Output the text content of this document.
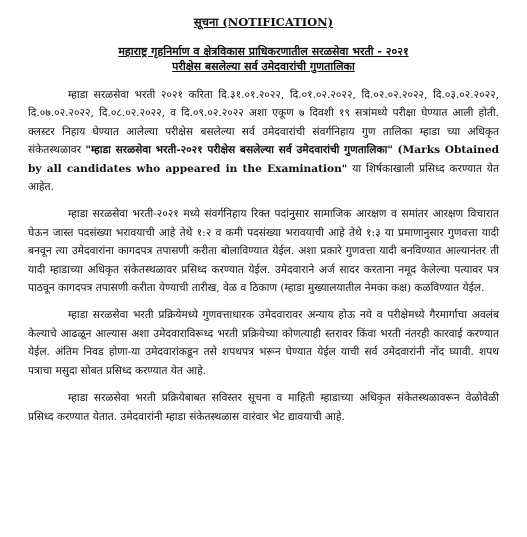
सूचना (NOTIFICATION)

महाराष्ट्र गृहनिर्माण व क्षेत्रविकास प्राधिकरणातील सरळसेवा भरती - २०२१

परीक्षेस बसलेल्या सर्व उमेदवारांची गुणतालिका

म्हाडा सरळसेवा भरती २०२१ करिता दि.३१.०१.२०२२, दि.०१.०२.२०२२, दि.०२.०२.२०२२, दि.०३.०२.२०२२, दि.०७.०२.२०२२, दि.०८.०२.२०२२, व दि.०९.०२.२०२२ अशा एकूण ७ दिवशी १९ सत्रांमध्ये परीक्षा घेण्यात आली होती. क्लस्टर निहाय घेण्यात आलेल्या परीक्षेस बसलेल्या सर्व उमेदवारांची संवर्गनिहाय गुण तालिका म्हाडा च्या अधिकृत संकेतस्थळावर "म्हाडा सरळसेवा भरती-२०२१ परीक्षेस बसलेल्या सर्व उमेदवारांची गुणतालिका" (Marks Obtained by all candidates who appeared in the Examination" या शिर्षकाखाली प्रसिध्द करण्यात येत आहेत.

म्हाडा सरळसेवा भरती-२०२१ मध्ये संवर्गनिहाय रिक्त पदांनुसार सामाजिक आरक्षण व समांतर आरक्षण विचारात घेऊन जास्त पदसंख्या भरावयाची आहे तेथे १:२ व कमी पदसंख्या भरावयाची आहे तेथे १:३ या प्रमाणानुसार गुणवत्ता यादी बनवून त्या उमेदवारांना कागदपत्र तपासणी करीता बोलाविण्यात येईल. अशा प्रकारे गुणवत्ता यादी बनविण्यात आल्यानंतर ती यादी म्हाडाच्या अधिकृत संकेतस्थळावर प्रसिध्द करण्यात येईल. उमेदवाराने अर्ज सादर करताना नमूद केलेल्या पत्यावर पत्र पाठवून कागदपत्र तपासणी करीता येण्याची तारीख, वेळ व ठिकाण (म्हाडा मुख्यालयातील नेमका कक्ष) कळविण्यात येईल.

म्हाडा सरळसेवा भरती प्रक्रियेमध्ये गुणवत्ताधारक उमेदवारावर अन्याय होऊ नये व परीक्षेमध्ये गैरमार्गाचा अवलंब केल्याचे आढळून आल्यास अशा उमेदवाराविरूध्द भरती प्रक्रियेच्या कोणत्याही स्तरावर किंवा भरती नंतरही कारवाई करण्यात येईल. अंतिम निवड होणा-या उमेदवारांकडून तसे शपथपत्र भरून घेण्यात येईल याची सर्व उमेदवारांनी नोंद घ्यावी. शपथ पत्राचा मसुदा सोबत प्रसिध्द करण्यात येत आहे.

म्हाडा सरळसेवा भरती प्रक्रियेबाबत सविस्तर सूचना व माहिती म्हाडाच्या अधिकृत संकेतस्थळावरून वेळोवेळी प्रसिध्द करण्यात येतात. उमेदवारांनी म्हाडा संकेतस्थळास वारंवार भेट द्यावयाची आहे.
